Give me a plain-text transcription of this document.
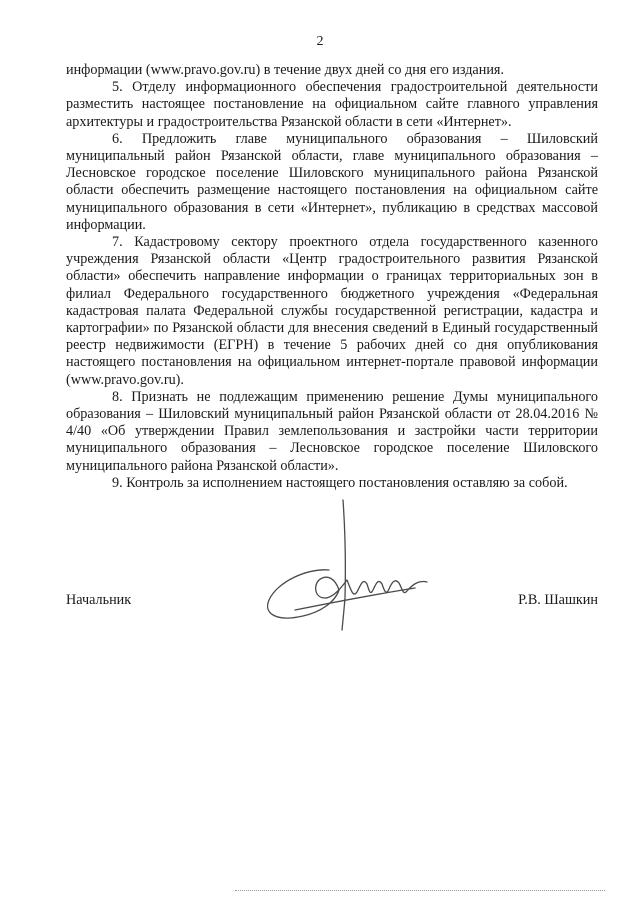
2

информации (www.pravo.gov.ru) в течение двух дней со дня его издания.

5. Отделу информационного обеспечения градостроительной деятельности разместить настоящее постановление на официальном сайте главного управления архитектуры и градостроительства Рязанской области в сети «Интернет».

6. Предложить главе муниципального образования – Шиловский муниципальный район Рязанской области, главе муниципального образования – Лесновское городское поселение Шиловского муниципального района Рязанской области обеспечить размещение настоящего постановления на официальном сайте муниципального образования в сети «Интернет», публикацию в средствах массовой информации.

7. Кадастровому сектору проектного отдела государственного казенного учреждения Рязанской области «Центр градостроительного развития Рязанской области» обеспечить направление информации о границах территориальных зон в филиал Федерального государственного бюджетного учреждения «Федеральная кадастровая палата Федеральной службы государственной регистрации, кадастра и картографии» по Рязанской области для внесения сведений в Единый государственный реестр недвижимости (ЕГРН) в течение 5 рабочих дней со дня опубликования настоящего постановления на официальном интернет-портале правовой информации (www.pravo.gov.ru).

8. Признать не подлежащим применению решение Думы муниципального образования – Шиловский муниципальный район Рязанской области от 28.04.2016 № 4/40 «Об утверждении Правил землепользования и застройки части территории муниципального образования – Лесновское городское поселение Шиловского муниципального района Рязанской области».

9. Контроль за исполнением настоящего постановления оставляю за собой.

Начальник	Р.В. Шашкин
